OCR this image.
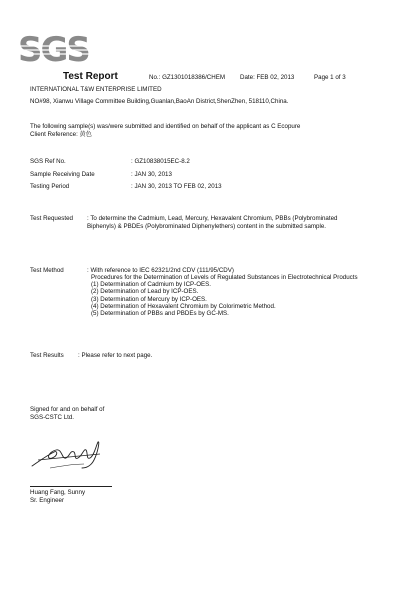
SGS
Test Report	No.: GZ1301018386/CHEM Date: FEB 02, 2013	Page 1 of 3
INTERNATIONAL T&W ENTERPRISE LIMITED
NO#98, Xianwu Village Committee Building,Guanlan,BaoAn District,ShenZhen, 518110,China.
The following sample(s) was/were submitted and identified on behalf of the applicant as C Ecopure
Client Reference: 黄色
SGS Ref No.	: GZ10838015EC-8.2
Sample Receiving Date	: JAN 30, 2013
Testing Period	: JAN 30, 2013 TO FEB 02, 2013
Test Requested : To determine the Cadmium, Lead, Mercury, Hexavalent Chromium, PBBs (Polybrominated
Biphenyls) & PBDEs (Polybrominated Diphenylethers) content in the submitted sample.
Test Method	: With reference to IEC 62321/2nd CDV (111/95/CDV)
Procedures for the Determination of Levels of Regulated Substances in Electrotechnical Products
(1) Determination of Cadmium by ICP-OES.
(2) Determination of Lead by ICP-OES.
(3) Determination of Mercury by ICP-OES.
(4) Determination of Hexavalent Chromium by Colorimetric Method.
(5) Determination of PBBs and PBDEs by GC-MS.
Test Results : Please refer to next page.
Signed for and on behalf of
SGS-CSTC Ltd.
Huang Fang, Sunny
Sr. Engineer
